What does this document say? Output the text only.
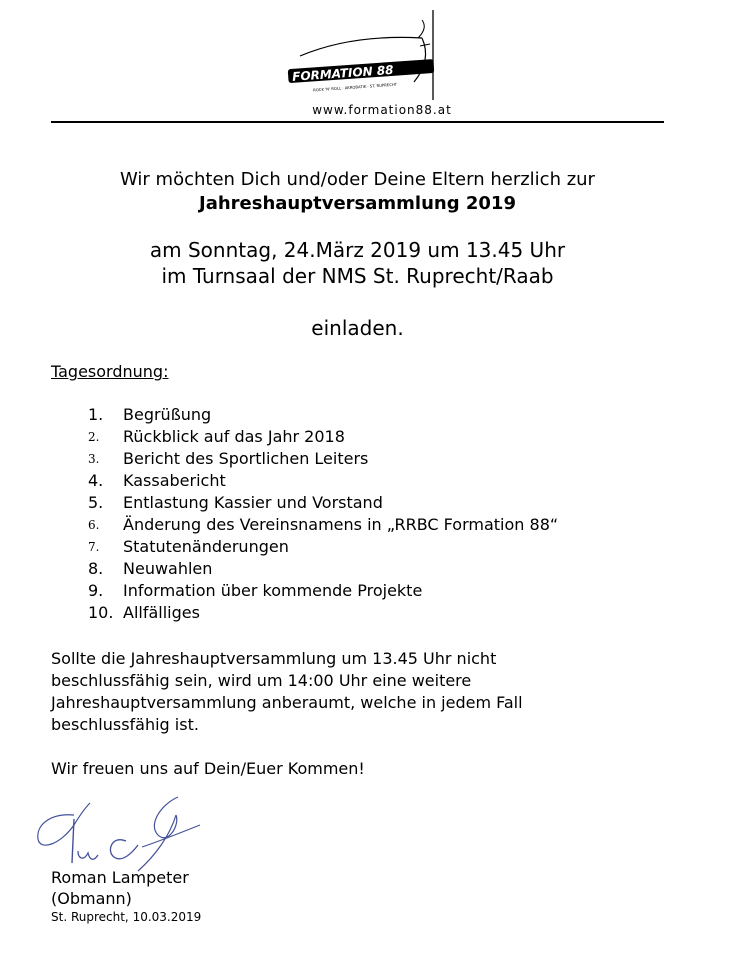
FORMATION 88
ROCK 'N' ROLL · AKROBATIK · ST. RUPRECHT
www.formation88.at
Wir möchten Dich und/oder Deine Eltern herzlich zur
Jahreshauptversammlung 2019
am Sonntag, 24.März 2019 um 13.45 Uhr
im Turnsaal der NMS St. Ruprecht/Raab
einladen.
Tagesordnung:
1.	Begrüßung
2.	Rückblick auf das Jahr 2018
3.	Bericht des Sportlichen Leiters
4.	Kassabericht
5.	Entlastung Kassier und Vorstand
6.	Änderung des Vereinsnamens in „RRBC Formation 88“
7.	Statutenänderungen
8.	Neuwahlen
9.	Information über kommende Projekte
10. Allfälliges
Sollte die Jahreshauptversammlung um 13.45 Uhr nicht
beschlussfähig sein, wird um 14:00 Uhr eine weitere
Jahreshauptversammlung anberaumt, welche in jedem Fall
beschlussfähig ist.
Wir freuen uns auf Dein/Euer Kommen!
Roman Lampeter
(Obmann)
St. Ruprecht, 10.03.2019
